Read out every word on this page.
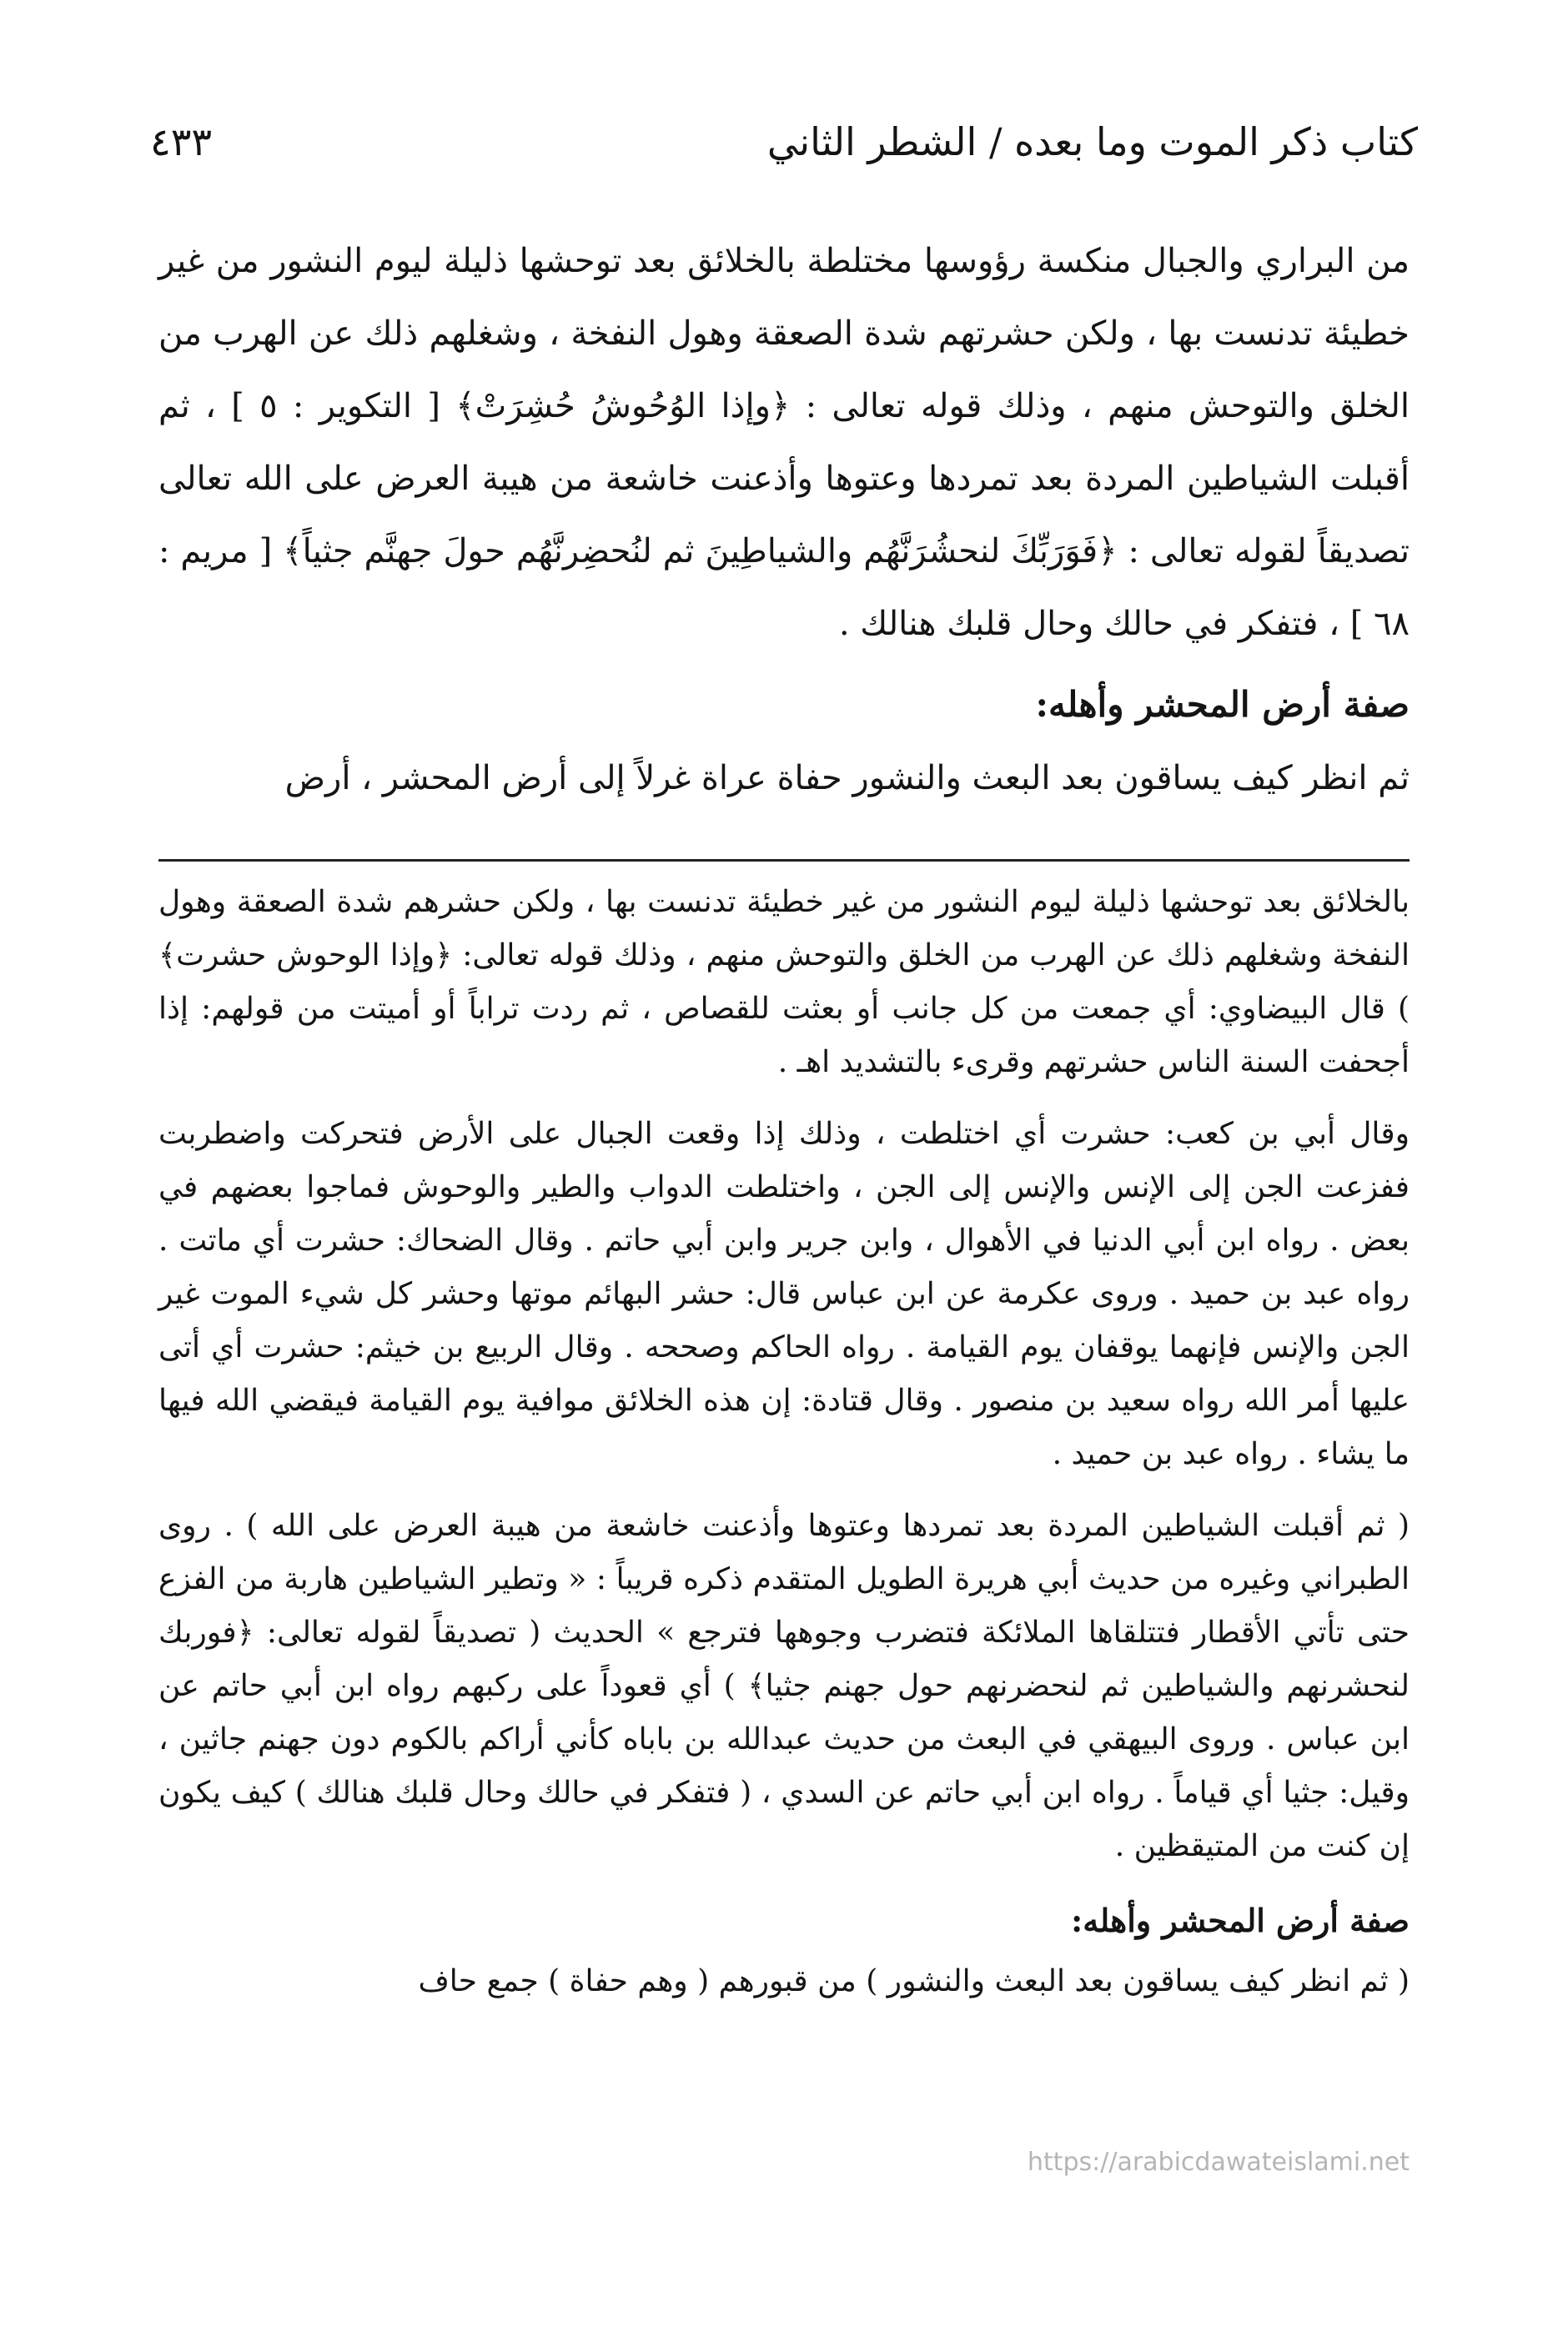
كتاب ذكر الموت وما بعده / الشطر الثاني
٤٣٣

من البراري والجبال منكسة رؤوسها مختلطة بالخلائق بعد توحشها ذليلة ليوم النشور من غير خطيئة تدنست بها ، ولكن حشرتهم شدة الصعقة وهول النفخة ، وشغلهم ذلك عن الهرب من الخلق والتوحش منهم ، وذلك قوله تعالى : ﴿وإذا الوُحُوشُ حُشِرَتْ﴾ [ التكوير : ٥ ] ، ثم أقبلت الشياطين المردة بعد تمردها وعتوها وأذعنت خاشعة من هيبة العرض على الله تعالى تصديقاً لقوله تعالى : ﴿فَوَرَبِّكَ لنحشُرَنَّهُم والشياطِينَ ثم لنُحضِرنَّهُم حولَ جهنَّم جثياً﴾ [ مريم : ٦٨ ] ، فتفكر في حالك وحال قلبك هنالك .

صفة أرض المحشر وأهله:

ثم انظر كيف يساقون بعد البعث والنشور حفاة عراة غرلاً إلى أرض المحشر ، أرض

بالخلائق بعد توحشها ذليلة ليوم النشور من غير خطيئة تدنست بها ، ولكن حشرهم شدة الصعقة وهول النفخة وشغلهم ذلك عن الهرب من الخلق والتوحش منهم ، وذلك قوله تعالى: ﴿وإذا الوحوش حشرت﴾ ) قال البيضاوي: أي جمعت من كل جانب أو بعثت للقصاص ، ثم ردت تراباً أو أميتت من قولهم: إذا أجحفت السنة الناس حشرتهم وقرىء بالتشديد اهـ .

وقال أبي بن كعب: حشرت أي اختلطت ، وذلك إذا وقعت الجبال على الأرض فتحركت واضطربت ففزعت الجن إلى الإنس والإنس إلى الجن ، واختلطت الدواب والطير والوحوش فماجوا بعضهم في بعض . رواه ابن أبي الدنيا في الأهوال ، وابن جرير وابن أبي حاتم . وقال الضحاك: حشرت أي ماتت . رواه عبد بن حميد . وروى عكرمة عن ابن عباس قال: حشر البهائم موتها وحشر كل شيء الموت غير الجن والإنس فإنهما يوقفان يوم القيامة . رواه الحاكم وصححه . وقال الربيع بن خيثم: حشرت أي أتى عليها أمر الله رواه سعيد بن منصور . وقال قتادة: إن هذه الخلائق موافية يوم القيامة فيقضي الله فيها ما يشاء . رواه عبد بن حميد .

( ثم أقبلت الشياطين المردة بعد تمردها وعتوها وأذعنت خاشعة من هيبة العرض على الله ) . روى الطبراني وغيره من حديث أبي هريرة الطويل المتقدم ذكره قريباً : « وتطير الشياطين هاربة من الفزع حتى تأتي الأقطار فتتلقاها الملائكة فتضرب وجوهها فترجع » الحديث ( تصديقاً لقوله تعالى: ﴿فوربك لنحشرنهم والشياطين ثم لنحضرنهم حول جهنم جثيا﴾ ) أي قعوداً على ركبهم رواه ابن أبي حاتم عن ابن عباس . وروى البيهقي في البعث من حديث عبدالله بن باباه كأني أراكم بالكوم دون جهنم جاثين ، وقيل: جثيا أي قياماً . رواه ابن أبي حاتم عن السدي ، ( فتفكر في حالك وحال قلبك هنالك ) كيف يكون إن كنت من المتيقظين .

صفة أرض المحشر وأهله:

( ثم انظر كيف يساقون بعد البعث والنشور ) من قبورهم ( وهم حفاة ) جمع حاف

https://arabicdawateislami.net
